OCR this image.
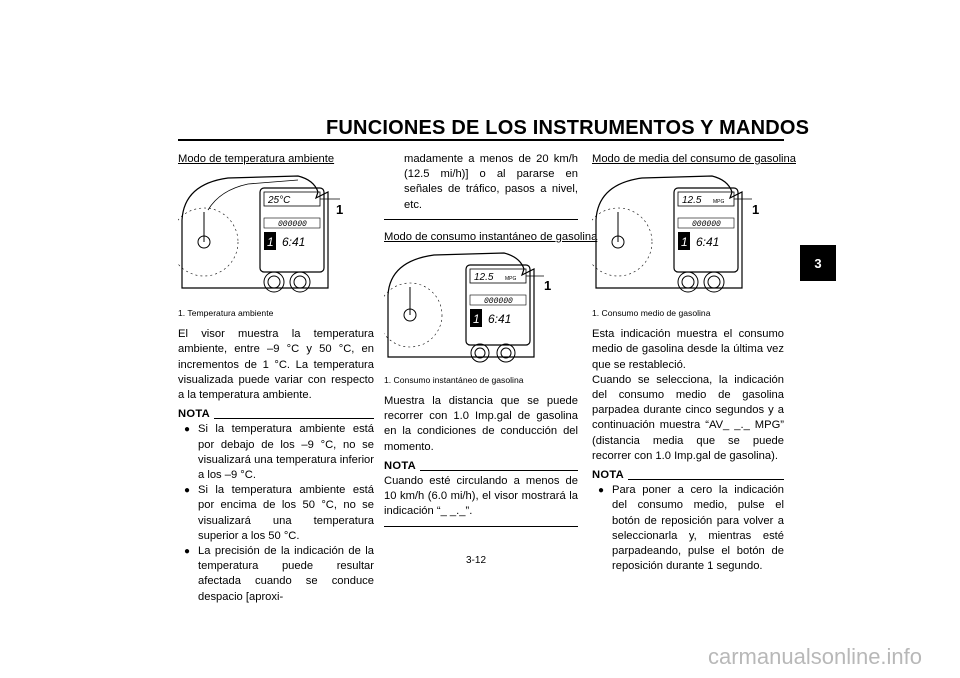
FUNCIONES DE LOS INSTRUMENTOS Y MANDOS
3

Modo de temperatura ambiente

25°C
000000
1 6:41
1

1. Temperatura ambiente

El visor muestra la temperatura ambiente, entre –9 °C y 50 °C, en incrementos de 1 °C. La temperatura visualizada puede variar con respecto a la temperatura ambiente.

NOTA
● Si la temperatura ambiente está por debajo de los –9 °C, no se visualizará una temperatura inferior a los –9 °C.
● Si la temperatura ambiente está por encima de los 50 °C, no se visualizará una temperatura superior a los 50 °C.
● La precisión de la indicación de la temperatura puede resultar afectada cuando se conduce despacio [aproxi-

madamente a menos de 20 km/h (12.5 mi/h)] o al pararse en señales de tráfico, pasos a nivel, etc.

Modo de consumo instantáneo de gasolina

12.5 MPG
000000
1 6:41
1

1. Consumo instantáneo de gasolina

Muestra la distancia que se puede recorrer con 1.0 Imp.gal de gasolina en la condiciones de conducción del momento.

NOTA

Cuando esté circulando a menos de 10 km/h (6.0 mi/h), el visor mostrará la indicación “_ _._”.

Modo de media del consumo de gasolina

12.5 MPG
000000
1 6:41
1

1. Consumo medio de gasolina

Esta indicación muestra el consumo medio de gasolina desde la última vez que se restableció.

Cuando se selecciona, la indicación del consumo medio de gasolina parpadea durante cinco segundos y a continuación muestra “AV_ _._ MPG” (distancia media que se puede recorrer con 1.0 Imp.gal de gasolina).

NOTA
● Para poner a cero la indicación del consumo medio, pulse el botón de reposición para volver a seleccionarla y, mientras esté parpadeando, pulse el botón de reposición durante 1 segundo.
3-12
carmanualsonline.info
